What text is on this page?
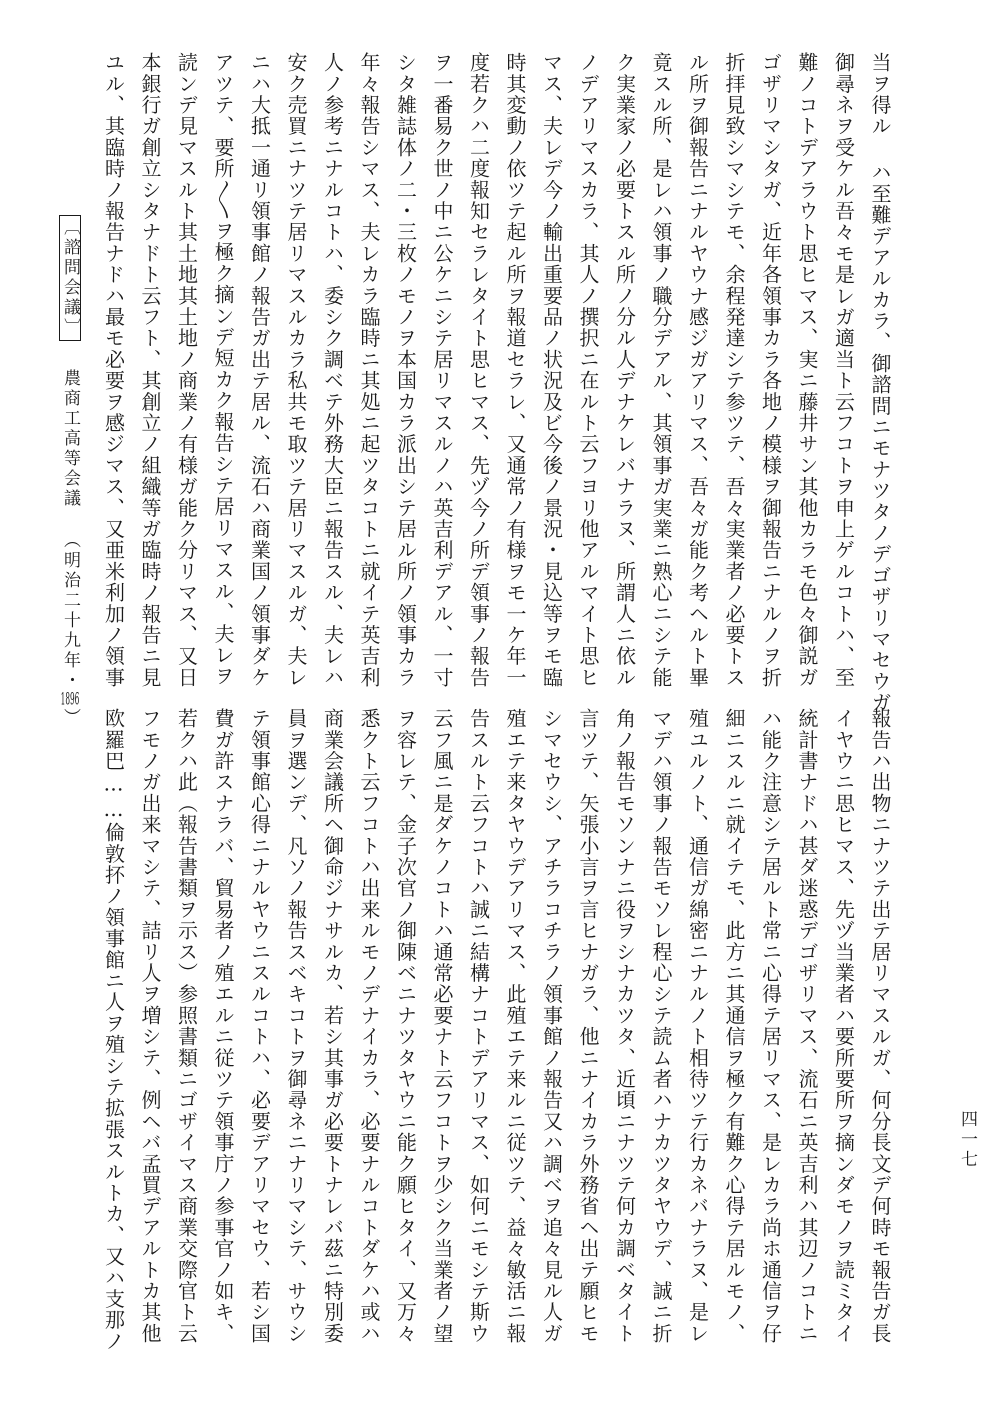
当ヲ得ル ハ至難デアルカラ、御諮問ニモナツタノデゴザリマセウガ
御尋ネヲ受ケル吾々モ是レガ適当ト云フコトヲ申上ゲルコトハ、至
難ノコトデアラウト思ヒマス、実ニ藤井サン其他カラモ色々御説ガ
ゴザリマシタガ、近年各領事カラ各地ノ模様ヲ御報告ニナルノヲ折
折拝見致シマシテモ、余程発達シテ参ツテ、吾々実業者ノ必要トス
ル所ヲ御報告ニナルヤウナ感ジガアリマス、吾々ガ能ク考ヘルト畢
竟スル所、是レハ領事ノ職分デアル、其領事ガ実業ニ熟心ニシテ能
ク実業家ノ必要トスル所ノ分ル人デナケレバナラヌ、所謂人ニ依ル
ノデアリマスカラ、其人ノ撰択ニ在ルト云フヨリ他アルマイト思ヒ
マス、夫レデ今ノ輸出重要品ノ状況及ビ今後ノ景況・見込等ヲモ臨
時其変動ノ依ツテ起ル所ヲ報道セラレ、又通常ノ有様ヲモ一ケ年一
度若クハ二度報知セラレタイト思ヒマス、先ヅ今ノ所デ領事ノ報告
ヲ一番易ク世ノ中ニ公ケニシテ居リマスルノハ英吉利デアル、一寸
シタ雑誌体ノ二・三枚ノモノヲ本国カラ派出シテ居ル所ノ領事カラ
年々報告シマス、夫レカラ臨時ニ其処ニ起ツタコトニ就イテ英吉利
人ノ参考ニナルコトハ、委シク調ベテ外務大臣ニ報告スル、夫レハ
安ク売買ニナツテ居リマスルカラ私共モ取ツテ居リマスルガ、夫レ
ニハ大抵一通リ領事館ノ報告ガ出テ居ル、流石ハ商業国ノ領事ダケ
アツテ、要所〱ヲ極ク摘ンデ短カク報告シテ居リマスル、夫レヲ
読ンデ見マスルト其土地其土地ノ商業ノ有様ガ能ク分リマス、又日
本銀行ガ創立シタナドト云フト、其創立ノ組織等ガ臨時ノ報告ニ見
ユル、其臨時ノ報告ナドハ最モ必要ヲ感ジマス、又亜米利加ノ領事
報告ハ出物ニナツテ出テ居リマスルガ、何分長文デ何時モ報告ガ長
イヤウニ思ヒマス、先ヅ当業者ハ要所要所ヲ摘ンダモノヲ読ミタイ
統計書ナドハ甚ダ迷惑デゴザリマス、流石ニ英吉利ハ其辺ノコトニ
ハ能ク注意シテ居ルト常ニ心得テ居リマス、是レカラ尚ホ通信ヲ仔
細ニスルニ就イテモ、此方ニ其通信ヲ極ク有難ク心得テ居ルモノ、
殖ユルノト、通信ガ綿密ニナルノト相待ツテ行カネバナラヌ、是レ
マデハ領事ノ報告モソレ程心シテ読ム者ハナカツタヤウデ、誠ニ折
角ノ報告モソンナニ役ヲシナカツタ、近頃ニナツテ何カ調ベタイト
言ツテ、矢張小言ヲ言ヒナガラ、他ニナイカラ外務省ヘ出テ願ヒモ
シマセウシ、アチラコチラノ領事館ノ報告又ハ調ベヲ追々見ル人ガ
殖エテ来タヤウデアリマス、此殖エテ来ルニ従ツテ、益々敏活ニ報
告スルト云フコトハ誠ニ結構ナコトデアリマス、如何ニモシテ斯ウ
云フ風ニ是ダケノコトハ通常必要ナト云フコトヲ少シク当業者ノ望
ヲ容レテ、金子次官ノ御陳ベニナツタヤウニ能ク願ヒタイ、又万々
悉クト云フコトハ出来ルモノデナイカラ、必要ナルコトダケハ或ハ
商業会議所ヘ御命ジナサルカ、若シ其事ガ必要トナレバ茲ニ特別委
員ヲ選ンデ、凡ソノ報告スベキコトヲ御尋ネニナリマシテ、サウシ
テ領事館心得ニナルヤウニスルコトハ、必要デアリマセウ、若シ国
費ガ許スナラバ、貿易者ノ殖エルニ従ツテ領事庁ノ参事官ノ如キ、
若クハ此（報告書類ヲ示ス）参照書類ニゴザイマス商業交際官ト云
フモノガ出来マシテ、詰リ人ヲ増シテ、例ヘバ孟買デアルトカ其他
欧羅巴……倫敦抔ノ領事館ニ人ヲ殖シテ拡張スルトカ、又ハ支那ノ
〔諮問会議〕農商工高等会議（明治二十九年・1896）
四一七
